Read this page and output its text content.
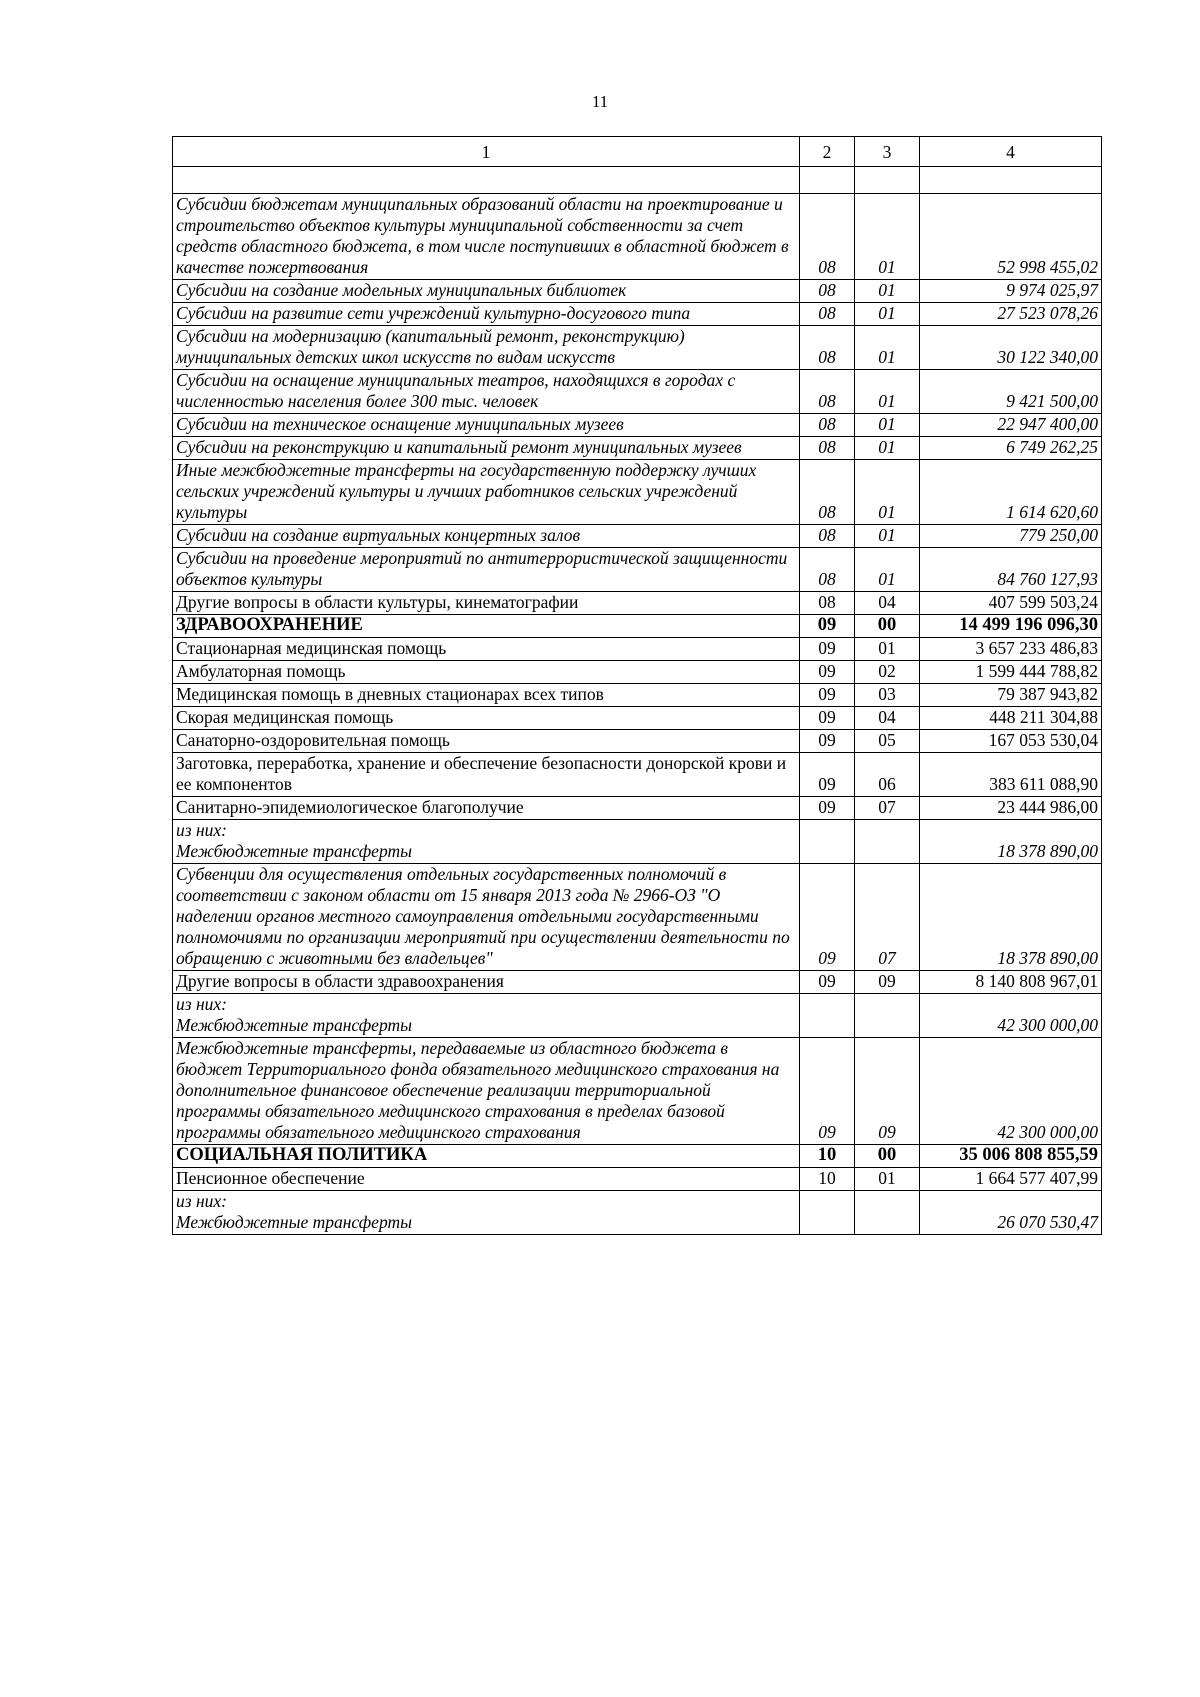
11
1	2	3	4

Субсидии бюджетам муниципальных образований области на проектирование и строительство объектов культуры муниципальной собственности за счет средств областного бюджета, в том числе поступивших в областной бюджет в качестве пожертвования	08	01	52 998 455,02
Субсидии на создание модельных муниципальных библиотек	08	01	9 974 025,97
Субсидии на развитие сети учреждений культурно-досугового типа	08	01	27 523 078,26
Субсидии на модернизацию (капитальный ремонт, реконструкцию) муниципальных детских школ искусств по видам искусств	08	01	30 122 340,00
Субсидии на оснащение муниципальных театров, находящихся в городах с численностью населения более 300 тыс. человек	08	01	9 421 500,00
Субсидии на техническое оснащение муниципальных музеев	08	01	22 947 400,00
Субсидии на реконструкцию и капитальный ремонт муниципальных музеев	08	01	6 749 262,25
Иные межбюджетные трансферты на государственную поддержку лучших сельских учреждений культуры и лучших работников сельских учреждений культуры	08	01	1 614 620,60
Субсидии на создание виртуальных концертных залов	08	01	779 250,00
Субсидии на проведение мероприятий по антитеррористической защищенности объектов культуры	08	01	84 760 127,93
Другие вопросы в области культуры, кинематографии	08	04	407 599 503,24
ЗДРАВООХРАНЕНИЕ	09	00	14 499 196 096,30
Стационарная медицинская помощь	09	01	3 657 233 486,83
Амбулаторная помощь	09	02	1 599 444 788,82
Медицинская помощь в дневных стационарах всех типов	09	03	79 387 943,82
Скорая медицинская помощь	09	04	448 211 304,88
Санаторно-оздоровительная помощь	09	05	167 053 530,04
Заготовка, переработка, хранение и обеспечение безопасности донорской крови и ее компонентов	09	06	383 611 088,90
Санитарно-эпидемиологическое благополучие	09	07	23 444 986,00

из них:
Межбюджетные трансферты			18 378 890,00
Субвенции для осуществления отдельных государственных полномочий в соответствии с законом области от 15 января 2013 года № 2966-ОЗ "О наделении органов местного самоуправления отдельными государственными полномочиями по организации мероприятий при осуществлении деятельности по обращению с животными без владельцев"	09	07	18 378 890,00
Другие вопросы в области здравоохранения	09	09	8 140 808 967,01

из них:
Межбюджетные трансферты			42 300 000,00
Межбюджетные трансферты, передаваемые из областного бюджета в бюджет Территориального фонда обязательного медицинского страхования на дополнительное финансовое обеспечение реализации территориальной программы обязательного медицинского страхования в пределах базовой программы обязательного медицинского страхования	09	09	42 300 000,00
СОЦИАЛЬНАЯ ПОЛИТИКА	10	00	35 006 808 855,59
Пенсионное обеспечение	10	01	1 664 577 407,99

из них:
Межбюджетные трансферты			26 070 530,47
